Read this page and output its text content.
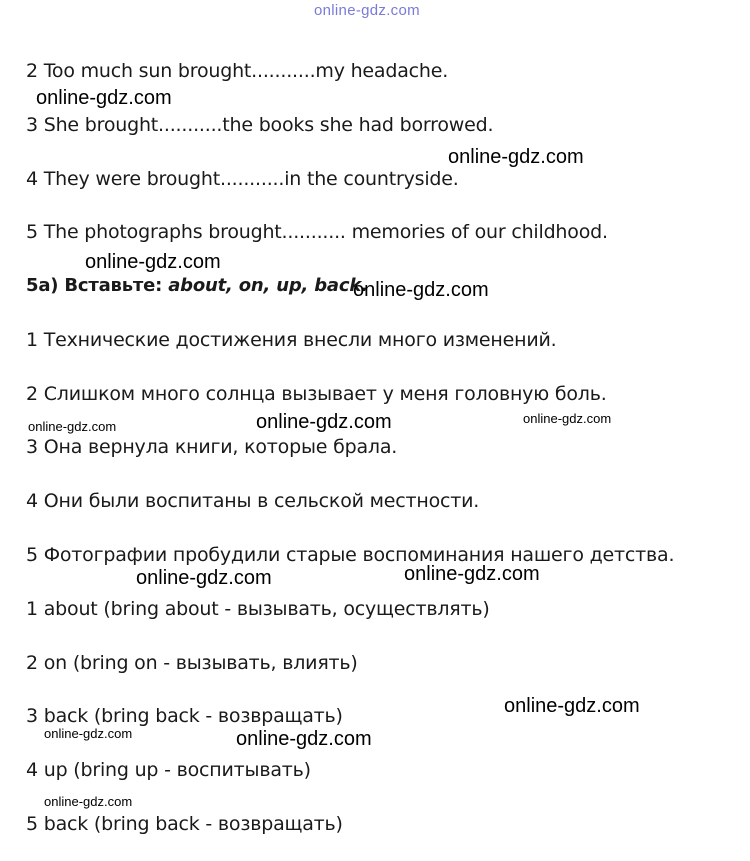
online-gdz.com
2 Too much sun brought...........my headache.
3 She brought...........the books she had borrowed.
4 They were brought...........in the countryside.
5 The photographs brought........... memories of our childhood.
5a) Вставьте: about, on, up, back.
1 Технические достижения внесли много изменений.
2 Слишком много солнца вызывает у меня головную боль.
3 Она вернула книги, которые брала.
4 Они были воспитаны в сельской местности.
5 Фотографии пробудили старые воспоминания нашего детства.
1 about (bring about - вызывать, осуществлять)
2 on (bring on - вызывать, влиять)
3 back (bring back - возвращать)
4 up (bring up - воспитывать)
5 back (bring back - возвращать)
online-gdz.com
online-gdz.com
online-gdz.com
online-gdz.com
online-gdz.com	online-gdz.com	online-gdz.com
online-gdz.com	online-gdz.com
online-gdz.com
online-gdz.com	online-gdz.com
online-gdz.com
